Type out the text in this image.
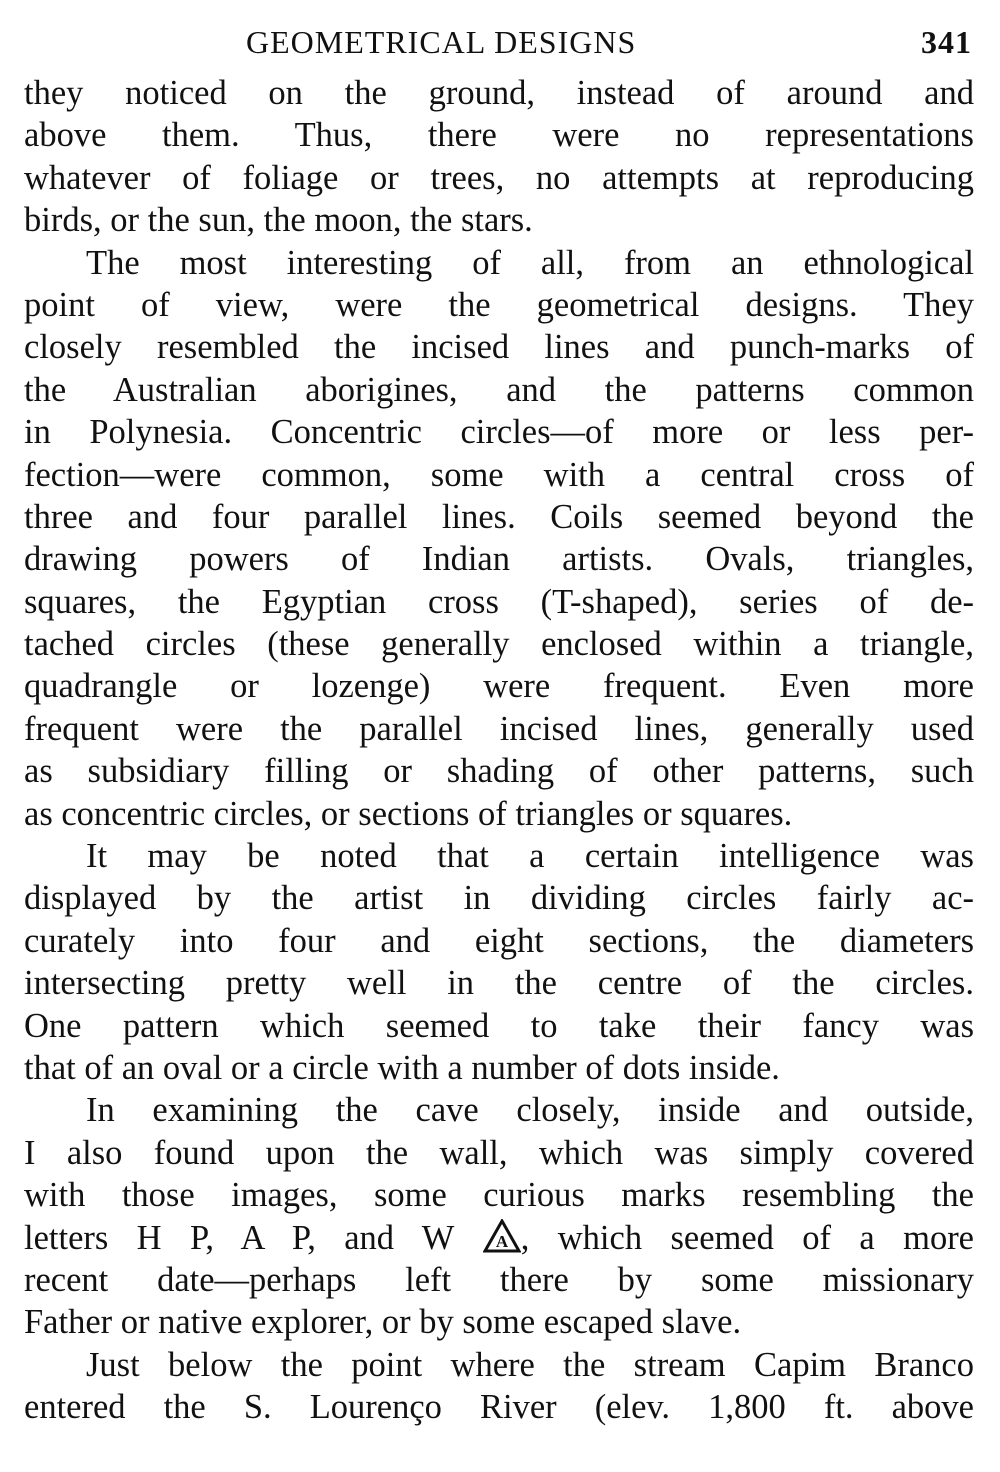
GEOMETRICAL DESIGNS	341
they noticed on the ground, instead of around and
above them. Thus, there were no representations
whatever of foliage or trees, no attempts at reproducing
birds, or the sun, the moon, the stars.
The most interesting of all, from an ethnological
point of view, were the geometrical designs. They
closely resembled the incised lines and punch-marks of
the Australian aborigines, and the patterns common
in Polynesia. Concentric circles—of more or less per-
fection—were common, some with a central cross of
three and four parallel lines. Coils seemed beyond the
drawing powers of Indian artists. Ovals, triangles,
squares, the Egyptian cross (T-shaped), series of de-
tached circles (these generally enclosed within a triangle,
quadrangle or lozenge) were frequent. Even more
frequent were the parallel incised lines, generally used
as subsidiary filling or shading of other patterns, such
as concentric circles, or sections of triangles or squares.
It may be noted that a certain intelligence was
displayed by the artist in dividing circles fairly ac-
curately into four and eight sections, the diameters
intersecting pretty well in the centre of the circles.
One pattern which seemed to take their fancy was
that of an oval or a circle with a number of dots inside.
In examining the cave closely, inside and outside,
I also found upon the wall, which was simply covered
with those images, some curious marks resembling the
letters H P, A P, and W A , which seemed of a more
recent date—perhaps left there by some missionary
Father or native explorer, or by some escaped slave.
Just below the point where the stream Capim Branco
entered the S. Lourenço River (elev. 1,800 ft. above
